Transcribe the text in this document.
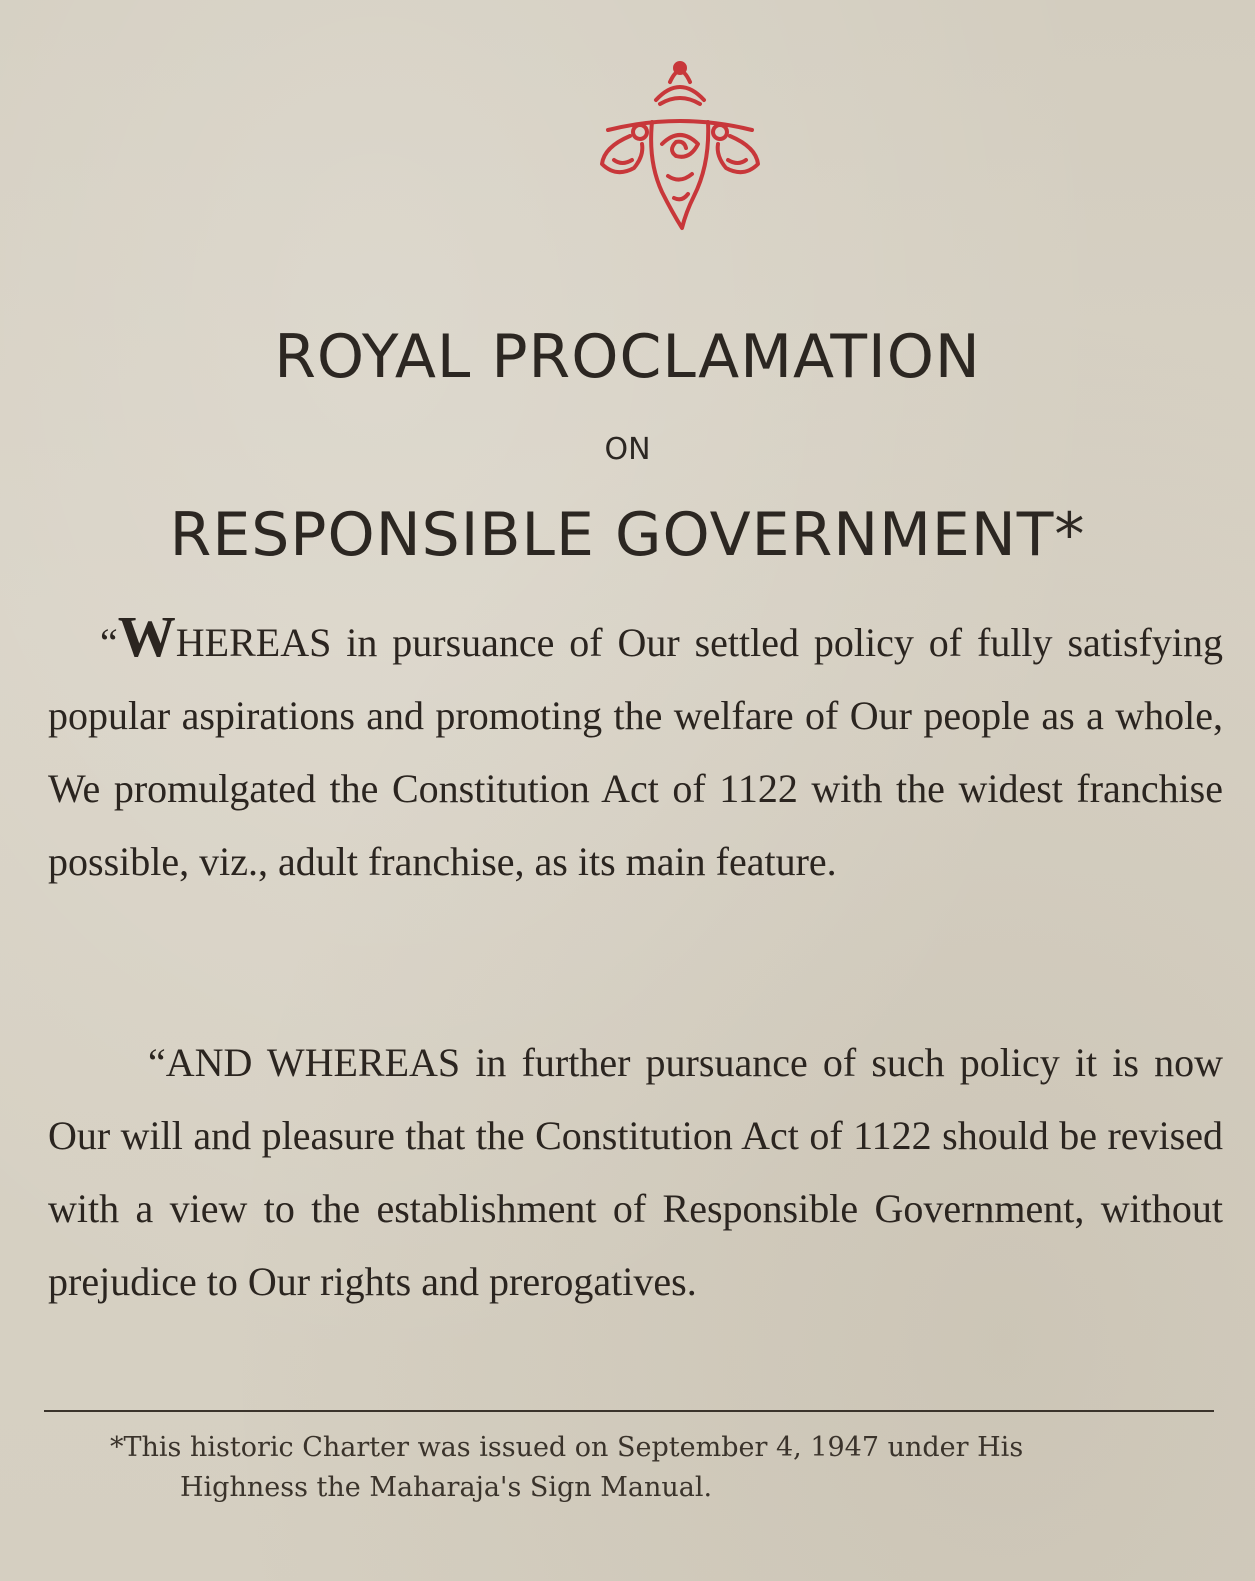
ROYAL PROCLAMATION
ON
RESPONSIBLE GOVERNMENT*

“WHEREAS in pursuance of Our settled policy of fully satisfying popular aspirations and promoting the welfare of Our people as a whole, We promulgated the Constitution Act of 1122 with the widest franchise possible, viz., adult franchise, as its main feature.

“AND WHEREAS in further pursuance of such policy it is now Our will and pleasure that the Constitution Act of 1122 should be revised with a view to the establishment of Responsible Government, without prejudice to Our rights and prerogatives.

*This historic Charter was issued on September 4, 1947 under His
Highness the Maharaja's Sign Manual.
